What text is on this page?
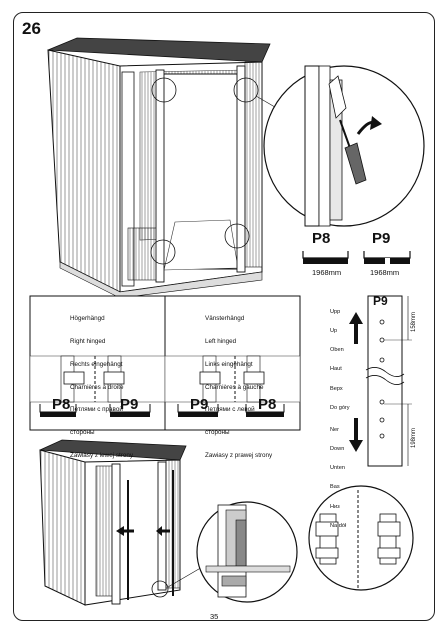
26
P8	P9
1968mm	1968mm

Högerhängd

Right hinged

Rechts eingehängt

Charnières à droite

Петлями с правой

стороны

Zawiasy z lewej strony

Vänsterhängd

Left hinged

Links eingehängt

Charnières à gauche

Петлями с левой

стороны

Zawiasy z prawej strony

P8	P9	P9	P8

Upp

Up

Oben

Haut

Верх

Do góry

Ner

Down

Unten

Bas

Низ

Na dół

P9
158mm
198mm
35
